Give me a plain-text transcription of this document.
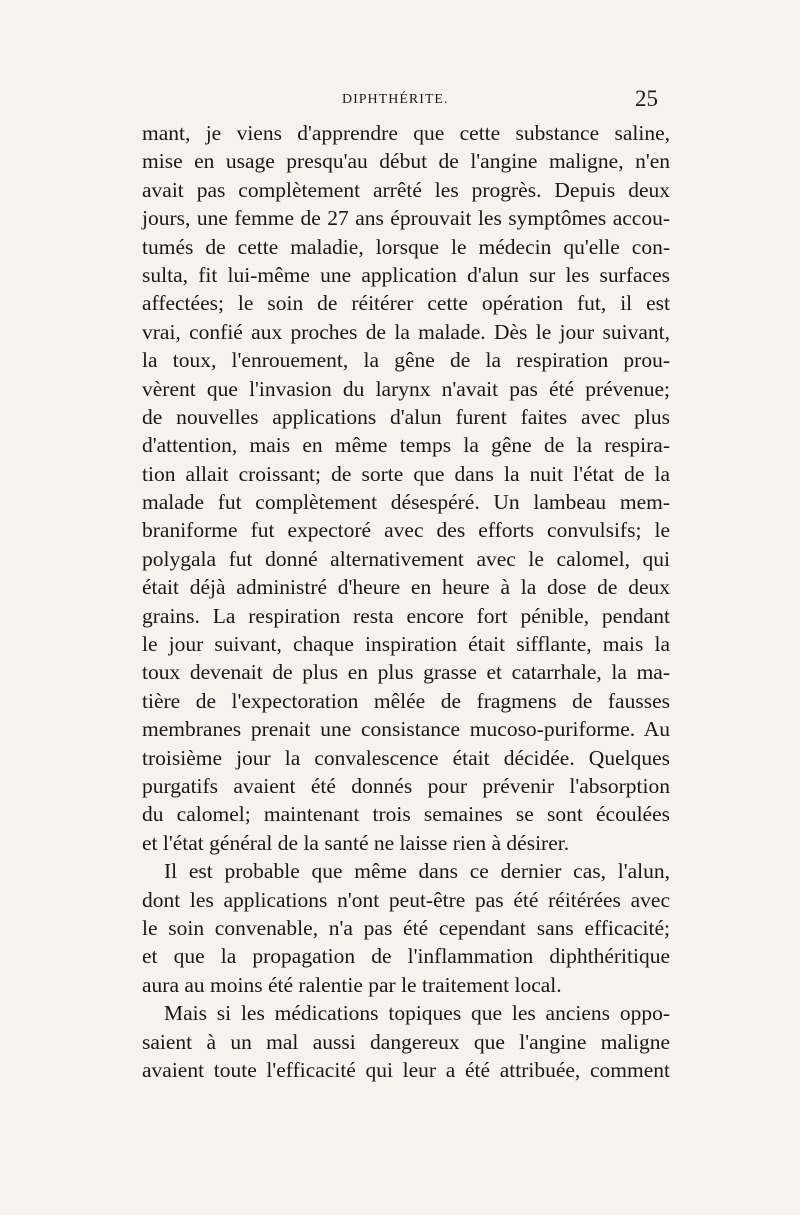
DIPHTHÉRITE.	25
mant, je viens d'apprendre que cette substance saline,
mise en usage presqu'au début de l'angine maligne, n'en
avait pas complètement arrêté les progrès. Depuis deux
jours, une femme de 27 ans éprouvait les symptômes accou-
tumés de cette maladie, lorsque le médecin qu'elle con-
sulta, fit lui-même une application d'alun sur les surfaces
affectées; le soin de réitérer cette opération fut, il est
vrai, confié aux proches de la malade. Dès le jour suivant,
la toux, l'enrouement, la gêne de la respiration prou-
vèrent que l'invasion du larynx n'avait pas été prévenue;
de nouvelles applications d'alun furent faites avec plus
d'attention, mais en même temps la gêne de la respira-
tion allait croissant; de sorte que dans la nuit l'état de la
malade fut complètement désespéré. Un lambeau mem-
braniforme fut expectoré avec des efforts convulsifs; le
polygala fut donné alternativement avec le calomel, qui
était déjà administré d'heure en heure à la dose de deux
grains. La respiration resta encore fort pénible, pendant
le jour suivant, chaque inspiration était sifflante, mais la
toux devenait de plus en plus grasse et catarrhale, la ma-
tière de l'expectoration mêlée de fragmens de fausses
membranes prenait une consistance mucoso-puriforme. Au
troisième jour la convalescence était décidée. Quelques
purgatifs avaient été donnés pour prévenir l'absorption
du calomel; maintenant trois semaines se sont écoulées
et l'état général de la santé ne laisse rien à désirer.
Il est probable que même dans ce dernier cas, l'alun,
dont les applications n'ont peut-être pas été réitérées avec
le soin convenable, n'a pas été cependant sans efficacité;
et que la propagation de l'inflammation diphthéritique
aura au moins été ralentie par le traitement local.
Mais si les médications topiques que les anciens oppo-
saient à un mal aussi dangereux que l'angine maligne
avaient toute l'efficacité qui leur a été attribuée, comment
